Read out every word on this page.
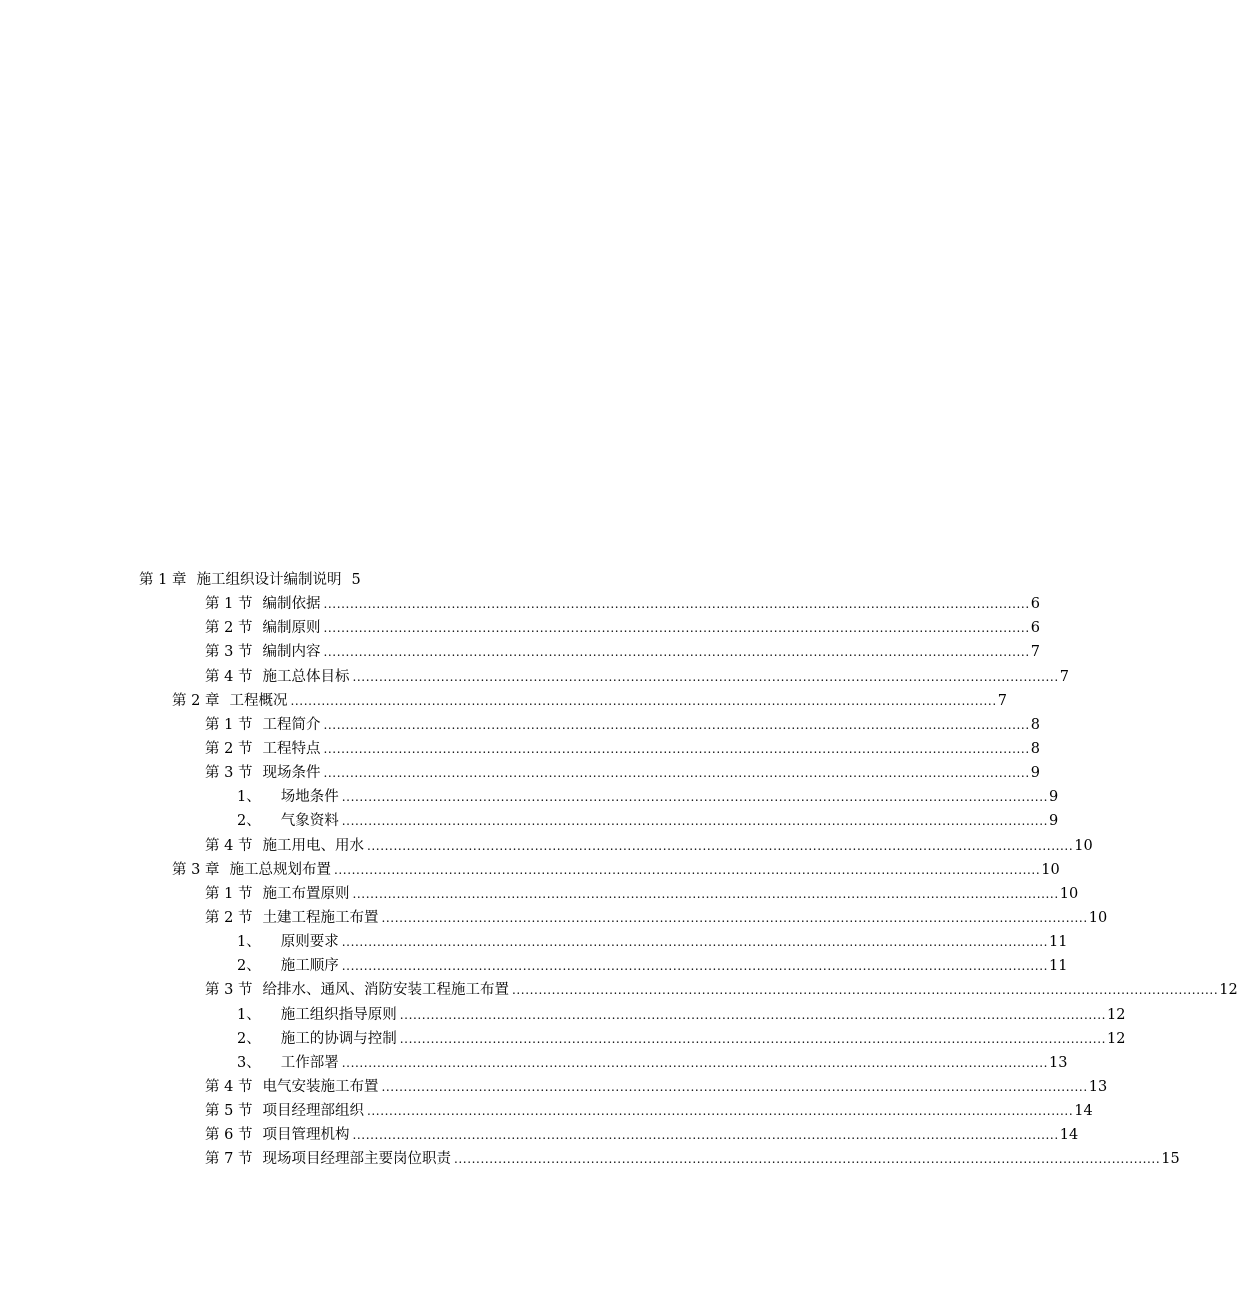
第 1 章 施工组织设计编制说明 5
第 1 节 编制依据 ................................................................................................................................................................ 6
第 2 节 编制原则 ................................................................................................................................................................ 6
第 3 节 编制内容 ................................................................................................................................................................ 7
第 4 节 施工总体目标 ................................................................................................................................................................ 7
第 2 章 工程概况 ................................................................................................................................................................ 7
第 1 节 工程简介 ................................................................................................................................................................ 8
第 2 节 工程特点 ................................................................................................................................................................ 8
第 3 节 现场条件 ................................................................................................................................................................ 9
1、 场地条件 ................................................................................................................................................................ 9
2、 气象资料 ................................................................................................................................................................ 9
第 4 节 施工用电、用水 ................................................................................................................................................................ 10
第 3 章 施工总规划布置 ................................................................................................................................................................ 10
第 1 节 施工布置原则 ................................................................................................................................................................ 10
第 2 节 土建工程施工布置 ................................................................................................................................................................ 10
1、 原则要求 ................................................................................................................................................................ 11
2、 施工顺序 ................................................................................................................................................................ 11
第 3 节 给排水、通风、消防安装工程施工布置 ................................................................................................................................................................ 12
1、 施工组织指导原则 ................................................................................................................................................................ 12
2、 施工的协调与控制 ................................................................................................................................................................ 12
3、 工作部署 ................................................................................................................................................................ 13
第 4 节 电气安装施工布置 ................................................................................................................................................................ 13
第 5 节 项目经理部组织 ................................................................................................................................................................ 14
第 6 节 项目管理机构 ................................................................................................................................................................ 14
第 7 节 现场项目经理部主要岗位职责 ................................................................................................................................................................ 15
